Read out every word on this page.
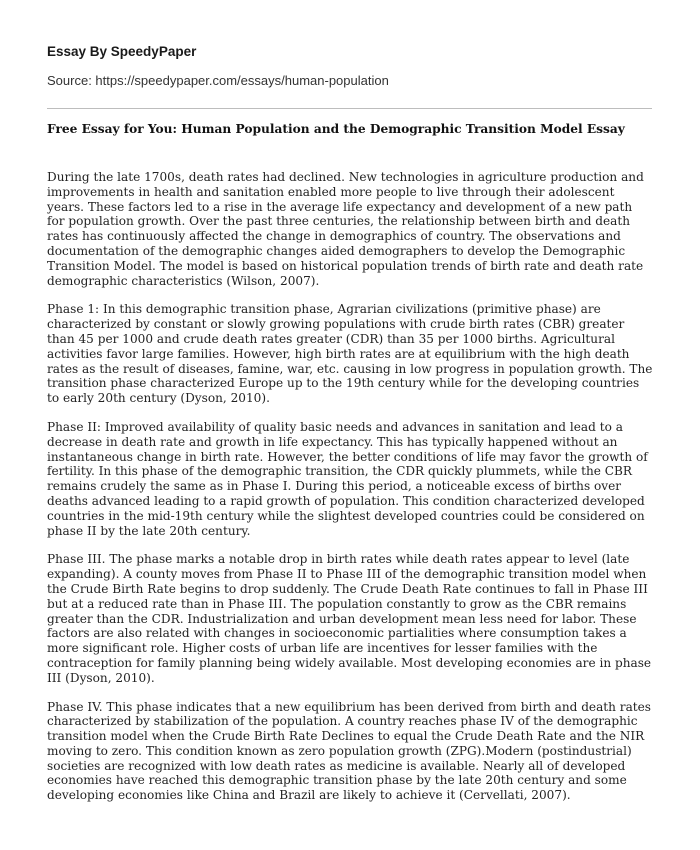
Essay By SpeedyPaper

Source: https://speedypaper.com/essays/human-population

Free Essay for You: Human Population and the Demographic Transition Model Essay

During the late 1700s, death rates had declined. New technologies in agriculture production and improvements in health and sanitation enabled more people to live through their adolescent years. These factors led to a rise in the average life expectancy and development of a new path for population growth. Over the past three centuries, the relationship between birth and death rates has continuously affected the change in demographics of country. The observations and documentation of the demographic changes aided demographers to develop the Demographic Transition Model. The model is based on historical population trends of birth rate and death rate demographic characteristics (Wilson, 2007).

Phase 1: In this demographic transition phase, Agrarian civilizations (primitive phase) are characterized by constant or slowly growing populations with crude birth rates (CBR) greater than 45 per 1000 and crude death rates greater (CDR) than 35 per 1000 births. Agricultural activities favor large families. However, high birth rates are at equilibrium with the high death rates as the result of diseases, famine, war, etc. causing in low progress in population growth. The transition phase characterized Europe up to the 19th century while for the developing countries to early 20th century (Dyson, 2010).

Phase II: Improved availability of quality basic needs and advances in sanitation and lead to a decrease in death rate and growth in life expectancy. This has typically happened without an instantaneous change in birth rate. However, the better conditions of life may favor the growth of fertility. In this phase of the demographic transition, the CDR quickly plummets, while the CBR remains crudely the same as in Phase I. During this period, a noticeable excess of births over deaths advanced leading to a rapid growth of population. This condition characterized developed countries in the mid-19th century while the slightest developed countries could be considered on phase II by the late 20th century.

Phase III. The phase marks a notable drop in birth rates while death rates appear to level (late expanding). A county moves from Phase II to Phase III of the demographic transition model when the Crude Birth Rate begins to drop suddenly. The Crude Death Rate continues to fall in Phase III but at a reduced rate than in Phase III. The population constantly to grow as the CBR remains greater than the CDR. Industrialization and urban development mean less need for labor. These factors are also related with changes in socioeconomic partialities where consumption takes a more significant role. Higher costs of urban life are incentives for lesser families with the contraception for family planning being widely available. Most developing economies are in phase III (Dyson, 2010).

Phase IV. This phase indicates that a new equilibrium has been derived from birth and death rates characterized by stabilization of the population. A country reaches phase IV of the demographic transition model when the Crude Birth Rate Declines to equal the Crude Death Rate and the NIR moving to zero. This condition known as zero population growth (ZPG).Modern (postindustrial) societies are recognized with low death rates as medicine is available. Nearly all of developed economies have reached this demographic transition phase by the late 20th century and some developing economies like China and Brazil are likely to achieve it (Cervellati, 2007).
